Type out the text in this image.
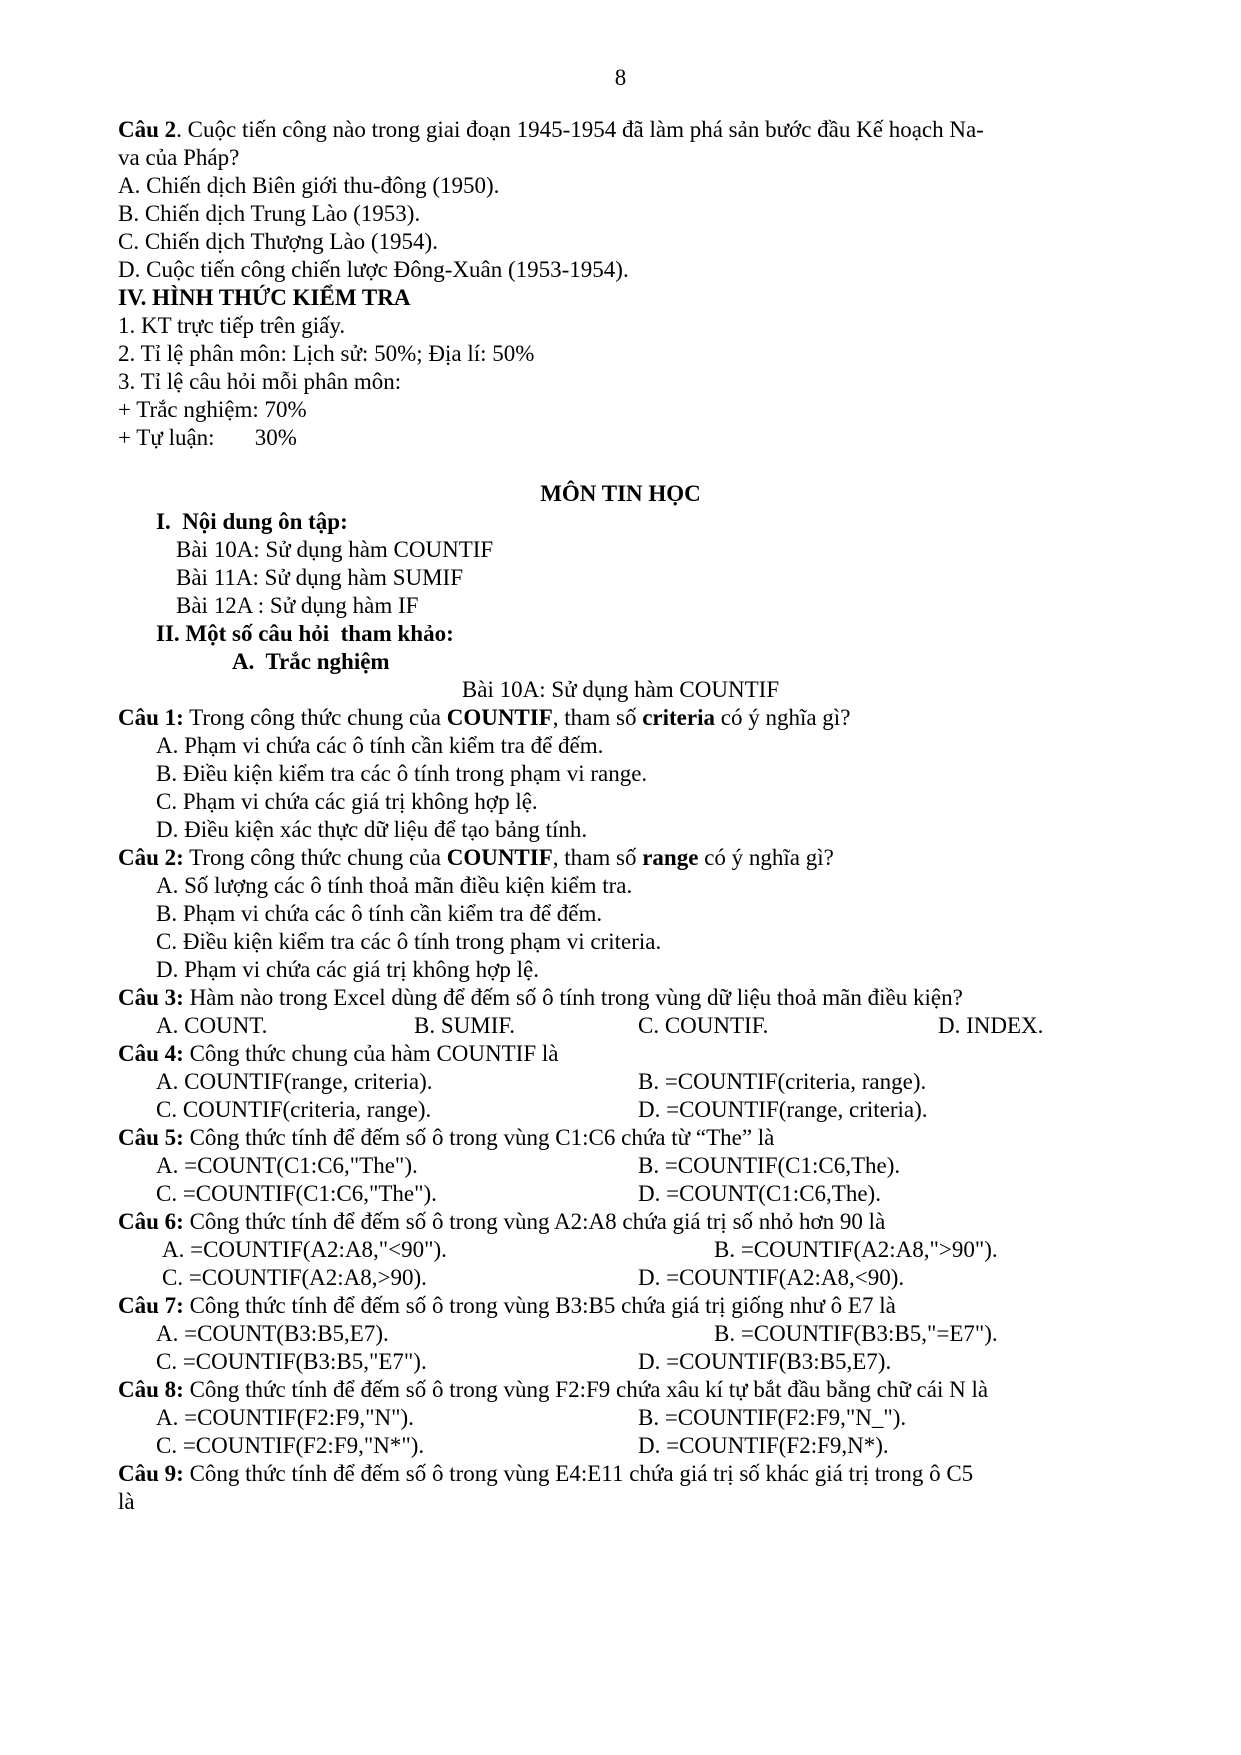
8
Câu 2. Cuộc tiến công nào trong giai đoạn 1945-1954 đã làm phá sản bước đầu Kế hoạch Na-
va của Pháp?
A. Chiến dịch Biên giới thu-đông (1950).
B. Chiến dịch Trung Lào (1953).
C. Chiến dịch Thượng Lào (1954).
D. Cuộc tiến công chiến lược Đông-Xuân (1953-1954).
IV. HÌNH THỨC KIỂM TRA
1. KT trực tiếp trên giấy.
2. Tỉ lệ phân môn: Lịch sử: 50%; Địa lí: 50%
3. Tỉ lệ câu hỏi mỗi phân môn:
+ Trắc nghiệm: 70%
+ Tự luận:       30%
MÔN TIN HỌC
I.  Nội dung ôn tập:
Bài 10A: Sử dụng hàm COUNTIF
Bài 11A: Sử dụng hàm SUMIF
Bài 12A : Sử dụng hàm IF
II. Một số câu hỏi  tham khảo:
A.  Trắc nghiệm
Bài 10A: Sử dụng hàm COUNTIF
Câu 1: Trong công thức chung của COUNTIF, tham số criteria có ý nghĩa gì?
A. Phạm vi chứa các ô tính cần kiểm tra để đếm.
B. Điều kiện kiểm tra các ô tính trong phạm vi range.
C. Phạm vi chứa các giá trị không hợp lệ.
D. Điều kiện xác thực dữ liệu để tạo bảng tính.
Câu 2: Trong công thức chung của COUNTIF, tham số range có ý nghĩa gì?
A. Số lượng các ô tính thoả mãn điều kiện kiểm tra.
B. Phạm vi chứa các ô tính cần kiểm tra để đếm.
C. Điều kiện kiểm tra các ô tính trong phạm vi criteria.
D. Phạm vi chứa các giá trị không hợp lệ.
Câu 3: Hàm nào trong Excel dùng để đếm số ô tính trong vùng dữ liệu thoả mãn điều kiện?
A. COUNT.	B. SUMIF.	C. COUNTIF.	D. INDEX.
Câu 4: Công thức chung của hàm COUNTIF là
A. COUNTIF(range, criteria).	B. =COUNTIF(criteria, range).
C. COUNTIF(criteria, range).	D. =COUNTIF(range, criteria).
Câu 5: Công thức tính để đếm số ô trong vùng C1:C6 chứa từ “The” là
A. =COUNT(C1:C6,"The").	B. =COUNTIF(C1:C6,The).
C. =COUNTIF(C1:C6,"The").	D. =COUNT(C1:C6,The).
Câu 6: Công thức tính để đếm số ô trong vùng A2:A8 chứa giá trị số nhỏ hơn 90 là
A. =COUNTIF(A2:A8,"<90").	B. =COUNTIF(A2:A8,">90").
C. =COUNTIF(A2:A8,>90).	D. =COUNTIF(A2:A8,<90).
Câu 7: Công thức tính để đếm số ô trong vùng B3:B5 chứa giá trị giống như ô E7 là
A. =COUNT(B3:B5,E7).	B. =COUNTIF(B3:B5,"=E7").
C. =COUNTIF(B3:B5,"E7").	D. =COUNTIF(B3:B5,E7).
Câu 8: Công thức tính để đếm số ô trong vùng F2:F9 chứa xâu kí tự bắt đầu bằng chữ cái N là
A. =COUNTIF(F2:F9,"N").	B. =COUNTIF(F2:F9,"N_").
C. =COUNTIF(F2:F9,"N*").	D. =COUNTIF(F2:F9,N*).
Câu 9: Công thức tính để đếm số ô trong vùng E4:E11 chứa giá trị số khác giá trị trong ô C5
là
